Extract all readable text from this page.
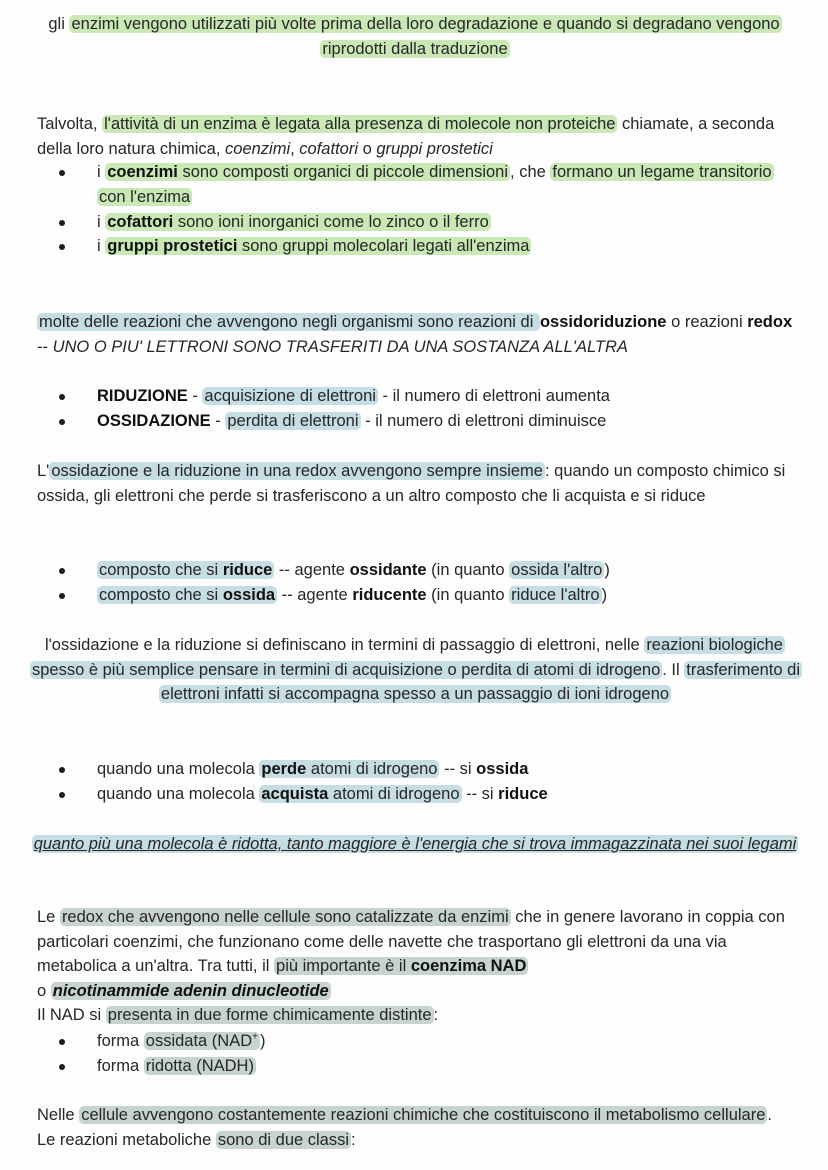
gli enzimi vengono utilizzati più volte prima della loro degradazione e quando si degradano vengono riprodotti dalla traduzione

Talvolta, l'attività di un enzima è legata alla presenza di molecole non proteiche chiamate, a seconda della loro natura chimica, coenzimi, cofattori o gruppi prostetici

i coenzimi sono composti organici di piccole dimensioni , che formano un legame transitorio con l'enzima
i cofattori sono ioni inorganici come lo zinco o il ferro
i gruppi prostetici sono gruppi molecolari legati all'enzima

molte delle reazioni che avvengono negli organismi sono reazioni di ossidoriduzione o reazioni redox -- UNO O PIU' LETTRONI SONO TRASFERITI DA UNA SOSTANZA ALL'ALTRA

RIDUZIONE - acquisizione di elettroni - il numero di elettroni aumenta
OSSIDAZIONE - perdita di elettroni - il numero di elettroni diminuisce

L' ossidazione e la riduzione in una redox avvengono sempre insieme : quando un composto chimico si ossida, gli elettroni che perde si trasferiscono a un altro composto che li acquista e si riduce

composto che si riduce -- agente ossidante (in quanto ossida l'altro )
composto che si ossida -- agente riducente (in quanto riduce l'altro )

l'ossidazione e la riduzione si definiscano in termini di passaggio di elettroni, nelle reazioni biologiche spesso è più semplice pensare in termini di acquisizione o perdita di atomi di idrogeno . Il trasferimento di elettroni infatti si accompagna spesso a un passaggio di ioni idrogeno

quando una molecola perde atomi di idrogeno -- si ossida
quando una molecola acquista atomi di idrogeno -- si riduce

quanto più una molecola è ridotta, tanto maggiore è l'energia che si trova immagazzinata nei suoi legami

Le redox che avvengono nelle cellule sono catalizzate da enzimi che in genere lavorano in coppia con particolari coenzimi, che funzionano come delle navette che trasportano gli elettroni da una via metabolica a un'altra. Tra tutti, il più importante è il coenzima NAD
o nicotinammide adenin dinucleotide
Il NAD si presenta in due forme chimicamente distinte :

forma ossidata (NAD+ )
forma ridotta (NADH)

Nelle cellule avvengono costantemente reazioni chimiche che costituiscono il metabolismo cellulare . Le reazioni metaboliche sono di due classi :
